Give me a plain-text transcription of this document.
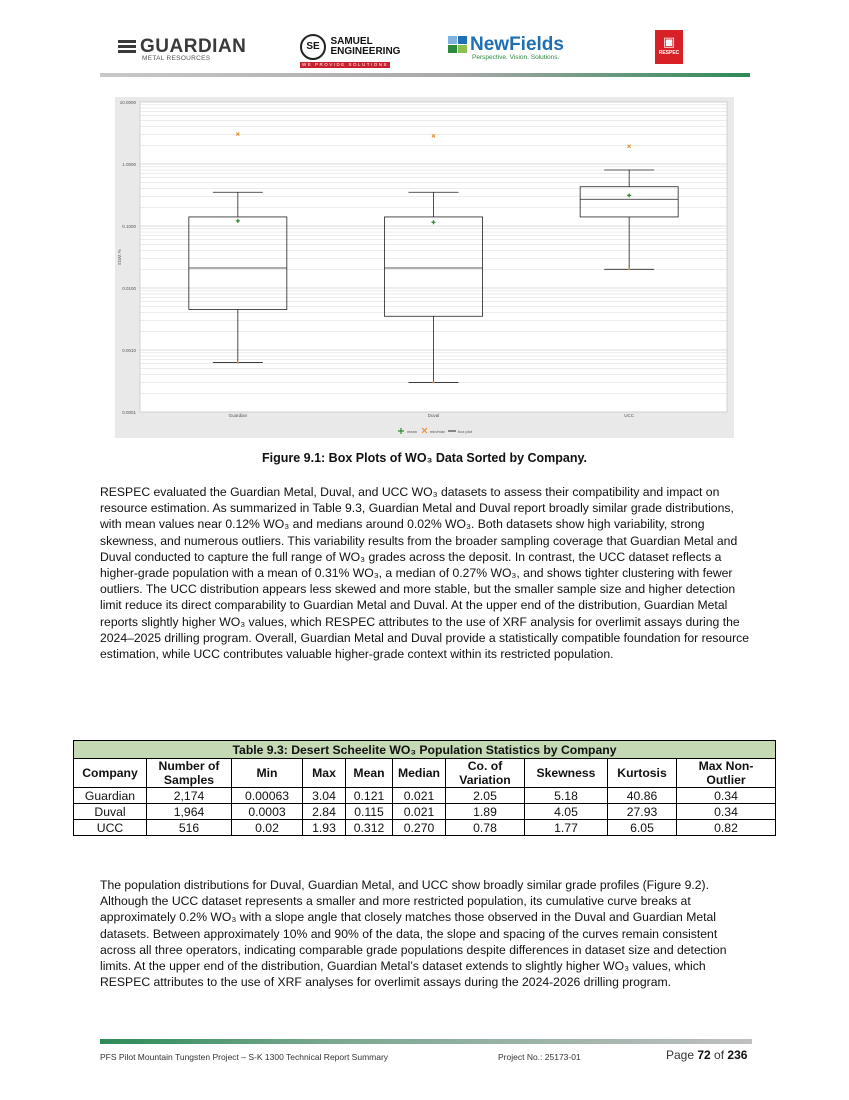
GUARDIAN
METAL RESOURCES
SE SAMUEL
ENGINEERING
WE PROVIDE SOLUTIONS
NewFields
Perspective. Vision. Solutions.
▣
RESPEC
10.0000
1.0000
0.1000
0.0100
0.0010
0.0001
% WO3
Guardian	Duval	UCC
mean	min/max	box plot
Figure 9.1: Box Plots of WO₃ Data Sorted by Company.

RESPEC evaluated the Guardian Metal, Duval, and UCC WO₃ datasets to assess their compatibility and impact on resource estimation. As summarized in Table 9.3, Guardian Metal and Duval report broadly similar grade distributions, with mean values near 0.12% WO₃ and medians around 0.02% WO₃. Both datasets show high variability, strong skewness, and numerous outliers. This variability results from the broader sampling coverage that Guardian Metal and Duval conducted to capture the full range of WO₃ grades across the deposit. In contrast, the UCC dataset reflects a higher-grade population with a mean of 0.31% WO₃, a median of 0.27% WO₃, and shows tighter clustering with fewer outliers. The UCC distribution appears less skewed and more stable, but the smaller sample size and higher detection limit reduce its direct comparability to Guardian Metal and Duval. At the upper end of the distribution, Guardian Metal reports slightly higher WO₃ values, which RESPEC attributes to the use of XRF analysis for overlimit assays during the 2024–2025 drilling program. Overall, Guardian Metal and Duval provide a statistically compatible foundation for resource estimation, while UCC contributes valuable higher-grade context within its restricted population.

Table 9.3: Desert Scheelite WO₃ Population Statistics by Company									
Company	Number of Samples	Min	Max	Mean	Median	Co. of Variation	Skewness	Kurtosis	Max Non-Outlier
Guardian	2,174	0.00063	3.04	0.121	0.021	2.05	5.18	40.86	0.34
Duval	1,964	0.0003	2.84	0.115	0.021	1.89	4.05	27.93	0.34
UCC	516	0.02	1.93	0.312	0.270	0.78	1.77	6.05	0.82

The population distributions for Duval, Guardian Metal, and UCC show broadly similar grade profiles (Figure 9.2). Although the UCC dataset represents a smaller and more restricted population, its cumulative curve breaks at approximately 0.2% WO₃ with a slope angle that closely matches those observed in the Duval and Guardian Metal datasets. Between approximately 10% and 90% of the data, the slope and spacing of the curves remain consistent across all three operators, indicating comparable grade populations despite differences in dataset size and detection limits. At the upper end of the distribution, Guardian Metal’s dataset extends to slightly higher WO₃ values, which RESPEC attributes to the use of XRF analyses for overlimit assays during the 2024-2026 drilling program.

PFS Pilot Mountain Tungsten Project – S-K 1300 Technical Report Summary	Project No.: 25173-01	Page 72 of 236
